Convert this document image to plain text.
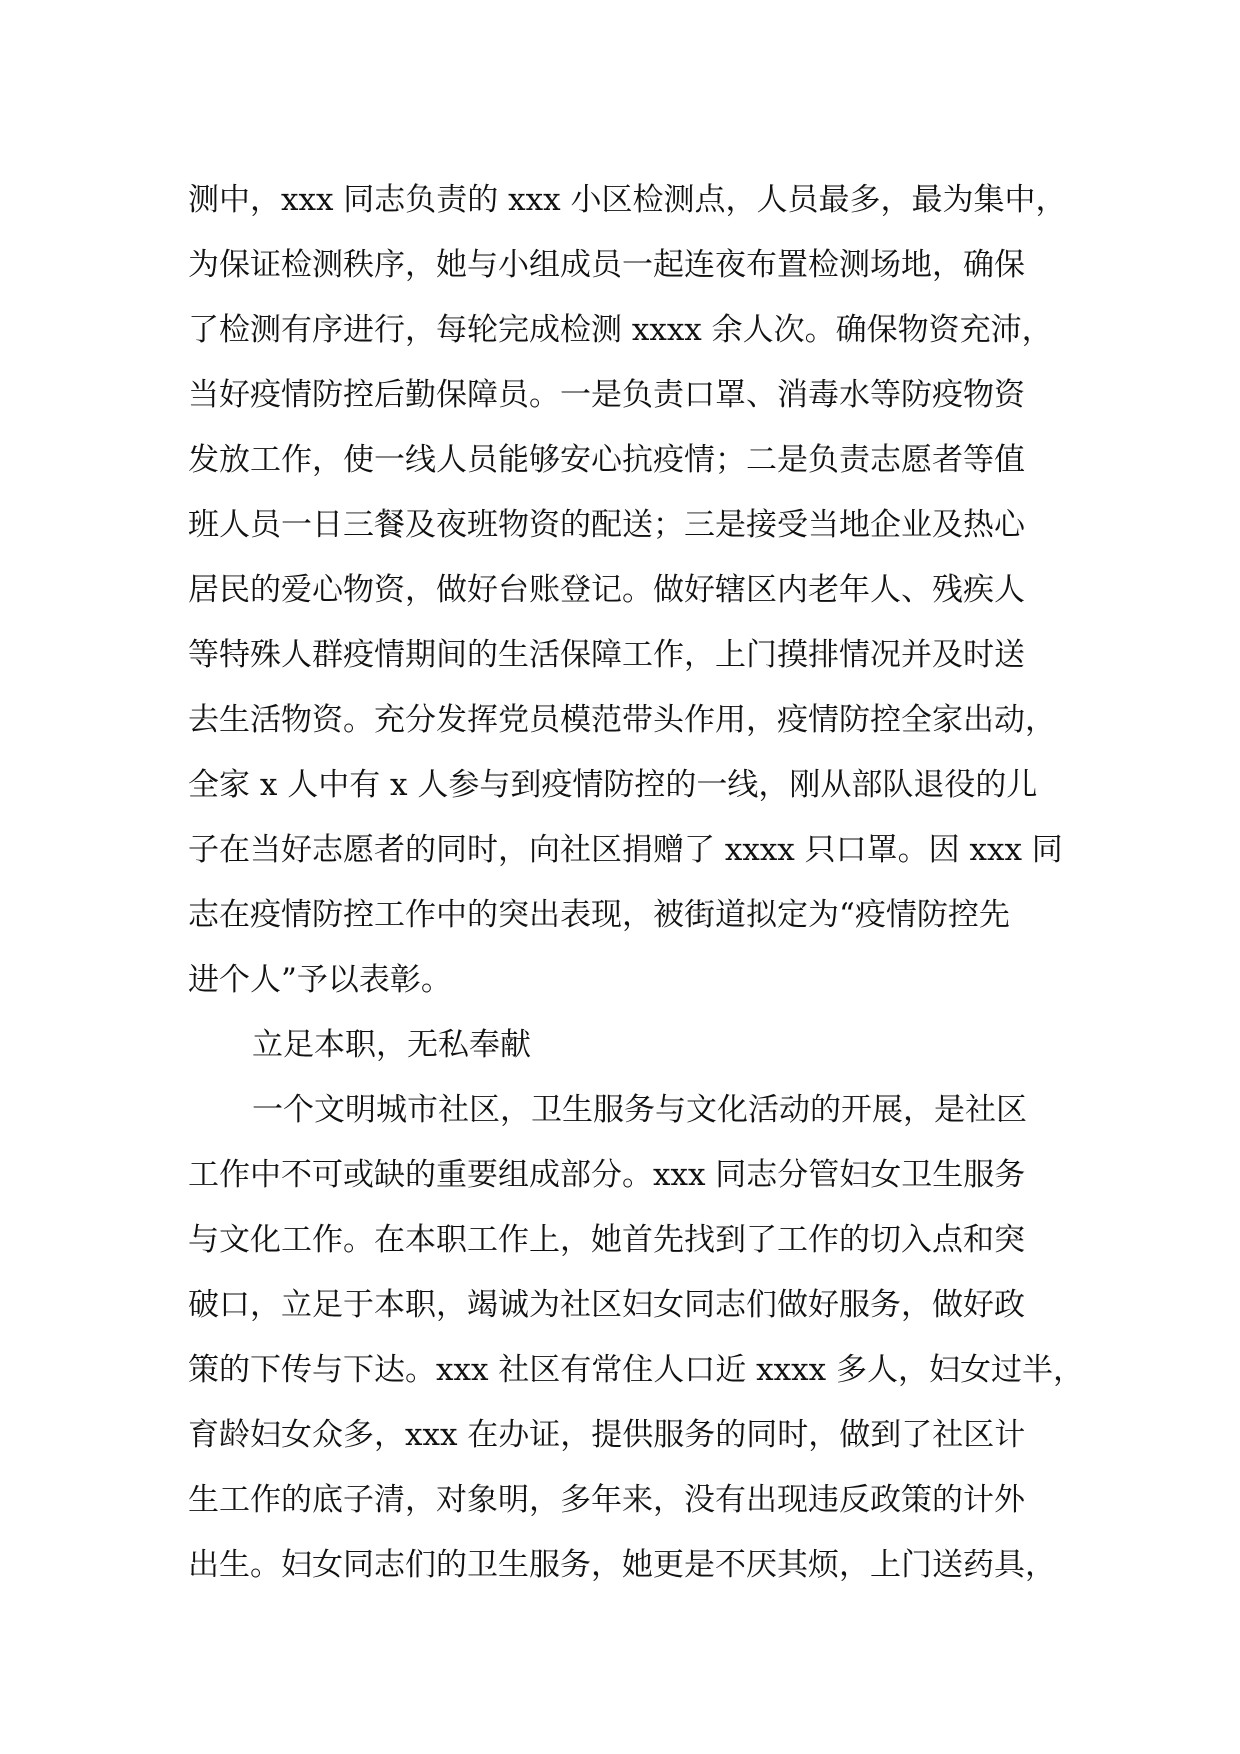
测中，xxx 同志负责的 xxx 小区检测点，人员最多，最为集中，
为保证检测秩序，她与小组成员一起连夜布置检测场地，确保
了检测有序进行，每轮完成检测 xxxx 余人次。确保物资充沛，
当好疫情防控后勤保障员。一是负责口罩、消毒水等防疫物资
发放工作，使一线人员能够安心抗疫情；二是负责志愿者等值
班人员一日三餐及夜班物资的配送；三是接受当地企业及热心
居民的爱心物资，做好台账登记。做好辖区内老年人、残疾人
等特殊人群疫情期间的生活保障工作，上门摸排情况并及时送
去生活物资。充分发挥党员模范带头作用，疫情防控全家出动，
全家 x 人中有 x 人参与到疫情防控的一线，刚从部队退役的儿
子在当好志愿者的同时，向社区捐赠了 xxxx 只口罩。因 xxx 同
志在疫情防控工作中的突出表现，被街道拟定为“疫情防控先
进个人”予以表彰。
立足本职，无私奉献
一个文明城市社区，卫生服务与文化活动的开展，是社区
工作中不可或缺的重要组成部分。xxx 同志分管妇女卫生服务
与文化工作。在本职工作上，她首先找到了工作的切入点和突
破口，立足于本职，竭诚为社区妇女同志们做好服务，做好政
策的下传与下达。xxx 社区有常住人口近 xxxx 多人，妇女过半，
育龄妇女众多，xxx 在办证，提供服务的同时，做到了社区计
生工作的底子清，对象明，多年来，没有出现违反政策的计外
出生。妇女同志们的卫生服务，她更是不厌其烦，上门送药具，
